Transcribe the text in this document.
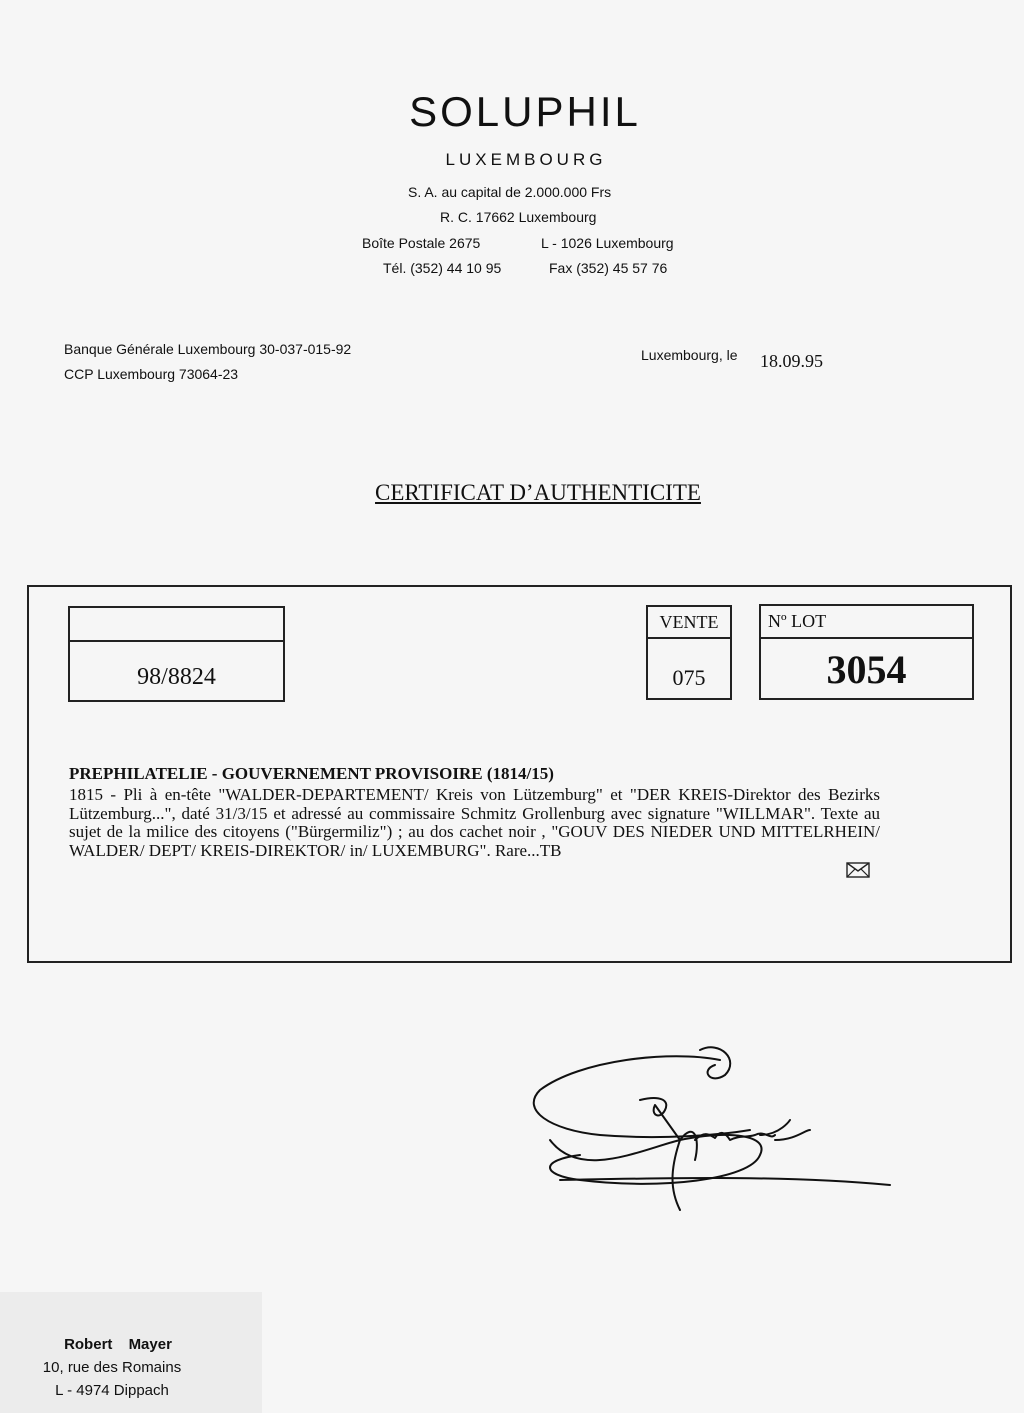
SOLUPHIL
LUXEMBOURG
S. A. au capital de 2.000.000 Frs
R. C. 17662 Luxembourg
Boîte Postale 2675	L - 1026 Luxembourg
Tél. (352) 44 10 95	Fax (352) 45 57 76
Banque Générale Luxembourg 30-037-015-92
CCP Luxembourg 73064-23
Luxembourg, le 18.09.95
CERTIFICAT D’AUTHENTICITE
98/8824
VENTE
075
Nº LOT
3054
PREPHILATELIE - GOUVERNEMENT PROVISOIRE (1814/15)
1815 - Pli à en-tête "WALDER-DEPARTEMENT/ Kreis von Lützemburg" et "DER KREIS-Direktor des Bezirks Lützemburg...", daté 31/3/15 et adressé au commissaire Schmitz Grollenburg avec signature "WILLMAR". Texte au sujet de la milice des citoyens ("Bürgermiliz") ; au dos cachet noir , "GOUV DES NIEDER UND MITTELRHEIN/ WALDER/ DEPT/ KREIS-DIREKTOR/ in/ LUXEMBURG". Rare...TB
Robert Mayer
10, rue des Romains
L - 4974 Dippach
